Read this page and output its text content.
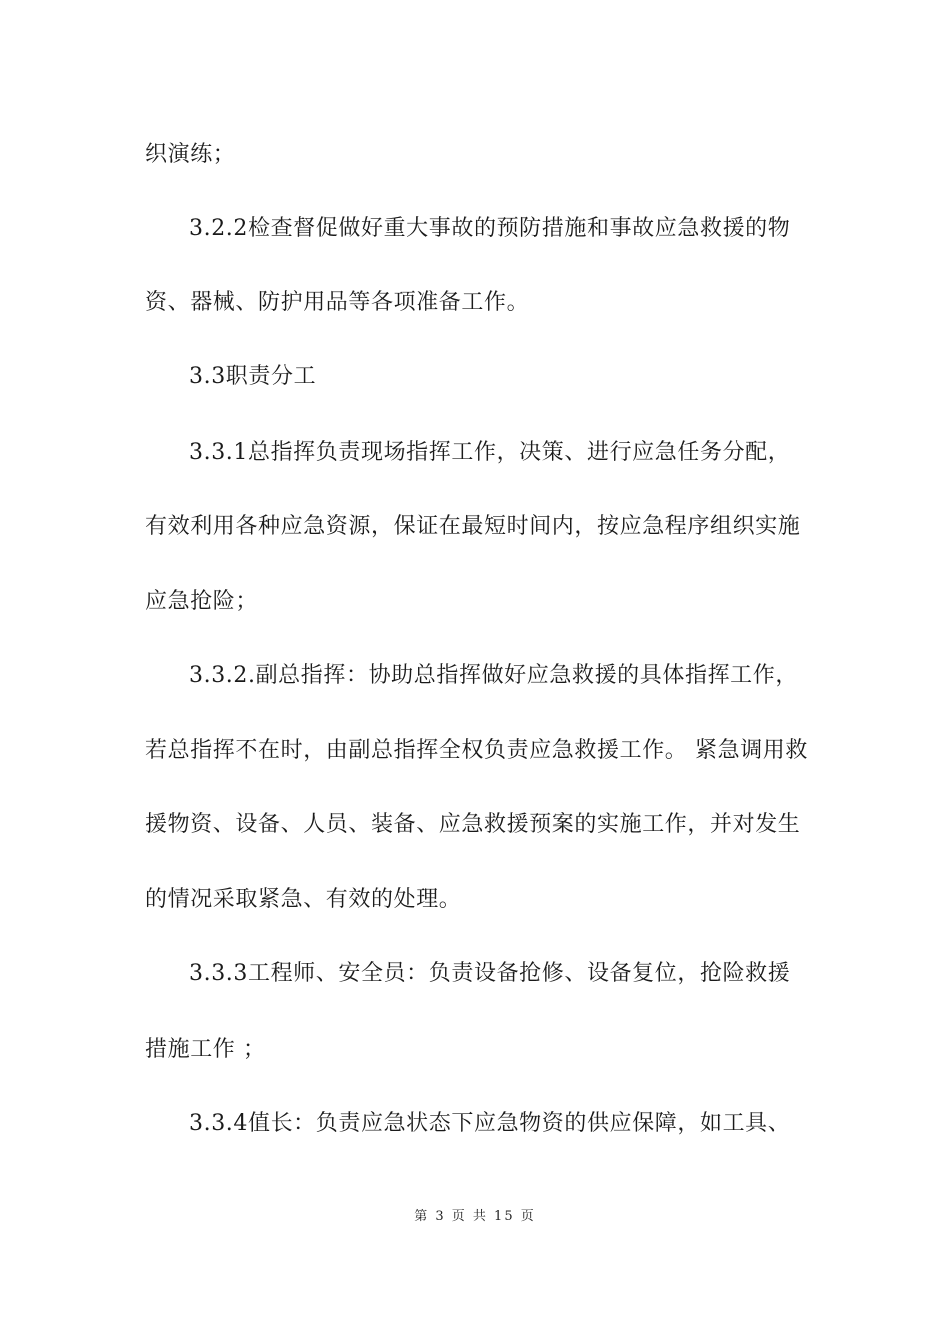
织演练；
3.2.2检查督促做好重大事故的预防措施和事故应急救援的物
资、器械、防护用品等各项准备工作。
3.3职责分工
3.3.1总指挥负责现场指挥工作，决策、进行应急任务分配，
有效利用各种应急资源，保证在最短时间内，按应急程序组织实施
应急抢险；
3.3.2.副总指挥：协助总指挥做好应急救援的具体指挥工作，
若总指挥不在时，由副总指挥全权负责应急救援工作。 紧急调用救
援物资、设备、人员、装备、应急救援预案的实施工作，并对发生
的情况采取紧急、有效的处理。
3.3.3工程师、安全员：负责设备抢修、设备复位，抢险救援
措施工作 ；
3.3.4值长：负责应急状态下应急物资的供应保障，如工具、
第 3 页 共 15 页
